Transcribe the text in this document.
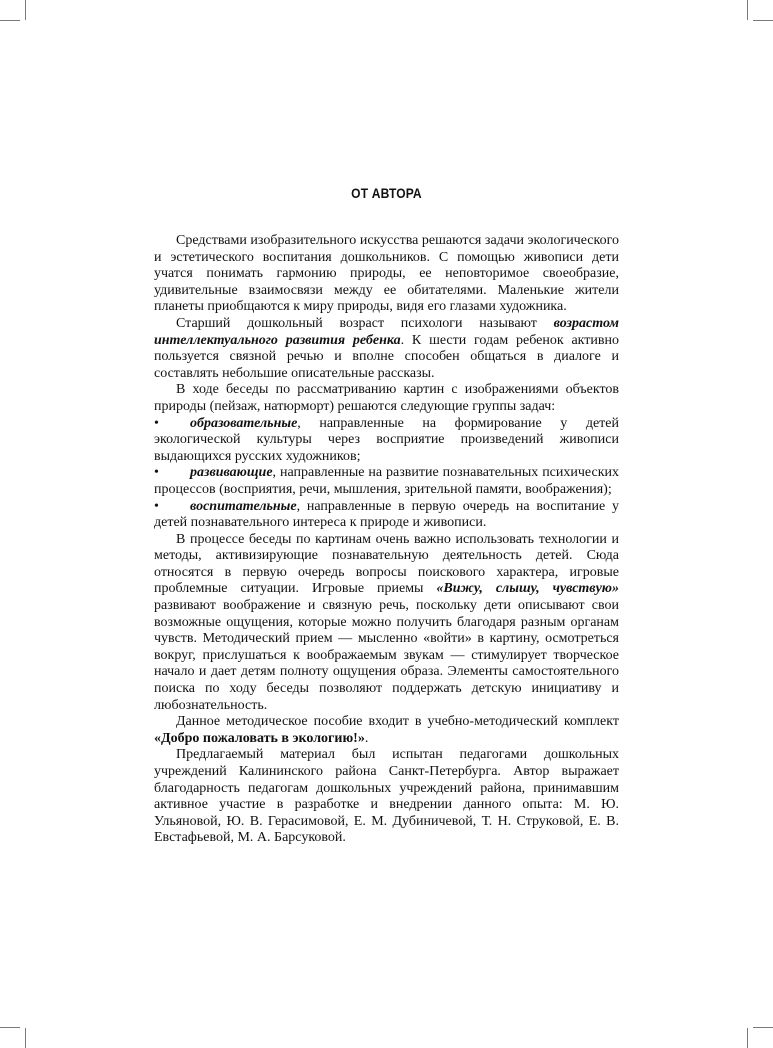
ОТ АВТОРА

Средствами изобразительного искусства решаются задачи экологического и эстетического воспитания дошкольников. С помощью живописи дети учатся понимать гармонию природы, ее неповторимое своеобразие, удивительные взаимосвязи между ее обитателями. Маленькие жители планеты приобщаются к миру природы, видя его глазами художника.

Старший дошкольный возраст психологи называют возрастом интеллектуального развития ребенка. К шести годам ребенок активно пользуется связной речью и вполне способен общаться в диалоге и составлять небольшие описательные рассказы.

В ходе беседы по рассматриванию картин с изображениями объектов природы (пейзаж, натюрморт) решаются следующие группы задач:

• образовательные, направленные на формирование у детей экологической культуры через восприятие произведений живописи выдающихся русских художников;

• развивающие, направленные на развитие познавательных психических процессов (восприятия, речи, мышления, зрительной памяти, воображения);

• воспитательные, направленные в первую очередь на воспитание у детей познавательного интереса к природе и живописи.

В процессе беседы по картинам очень важно использовать технологии и методы, активизирующие познавательную деятельность детей. Сюда относятся в первую очередь вопросы поискового характера, игровые проблемные ситуации. Игровые приемы «Вижу, слышу, чувствую» развивают воображение и связную речь, поскольку дети описывают свои возможные ощущения, которые можно получить благодаря разным органам чувств. Методический прием — мысленно «войти» в картину, осмотреться вокруг, прислушаться к воображаемым звукам — стимулирует творческое начало и дает детям полноту ощущения образа. Элементы самостоятельного поиска по ходу беседы позволяют поддержать детскую инициативу и любознательность.

Данное методическое пособие входит в учебно-методический комплект «Добро пожаловать в экологию!».

Предлагаемый материал был испытан педагогами дошкольных учреждений Калининского района Санкт-Петербурга. Автор выражает благодарность педагогам дошкольных учреждений района, принимавшим активное участие в разработке и внедрении данного опыта: М. Ю. Ульяновой, Ю. В. Герасимовой, Е. М. Дубиничевой, Т. Н. Струковой, Е. В. Евстафьевой, М. А. Барсуковой.
